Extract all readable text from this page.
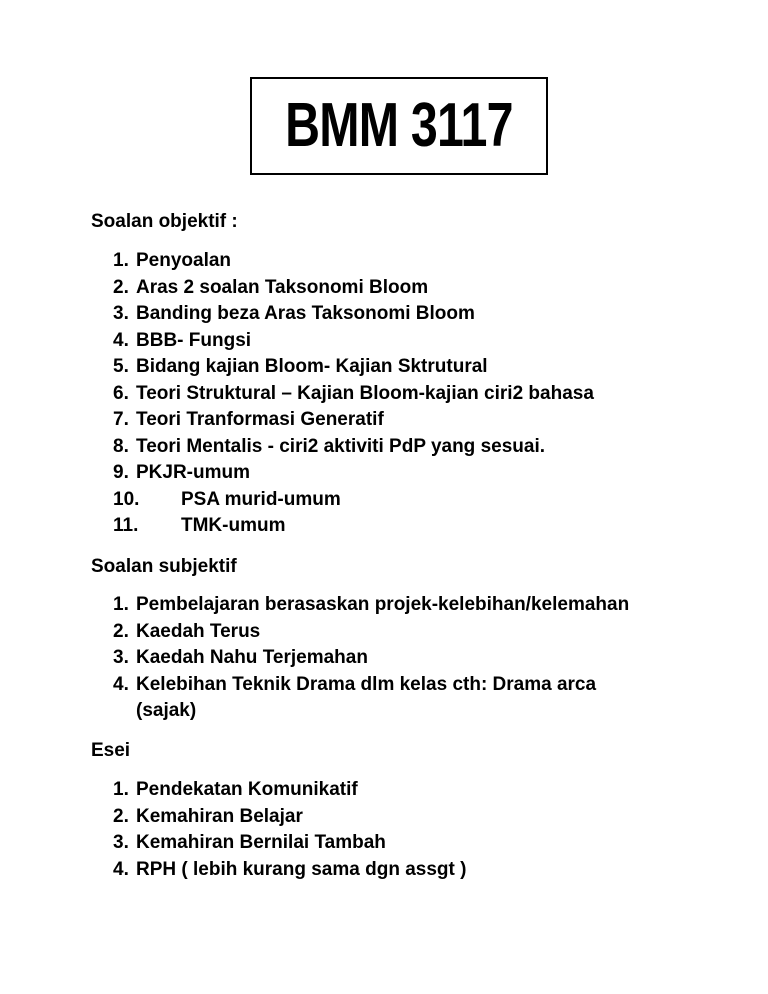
BMM 3117
Soalan objektif :
1. Penyoalan
2. Aras 2 soalan Taksonomi Bloom
3. Banding beza Aras Taksonomi Bloom
4. BBB- Fungsi
5. Bidang kajian Bloom- Kajian Sktrutural
6. Teori Struktural – Kajian Bloom-kajian ciri2 bahasa
7. Teori Tranformasi Generatif
8. Teori Mentalis - ciri2 aktiviti PdP yang sesuai.
9. PKJR-umum
10. PSA murid-umum
11. TMK-umum
Soalan subjektif
1. Pembelajaran berasaskan projek-kelebihan/kelemahan
2. Kaedah Terus
3. Kaedah Nahu Terjemahan
4. Kelebihan Teknik Drama dlm kelas cth: Drama arca
(sajak)
Esei
1. Pendekatan Komunikatif
2. Kemahiran Belajar
3. Kemahiran Bernilai Tambah
4. RPH ( lebih kurang sama dgn assgt )
